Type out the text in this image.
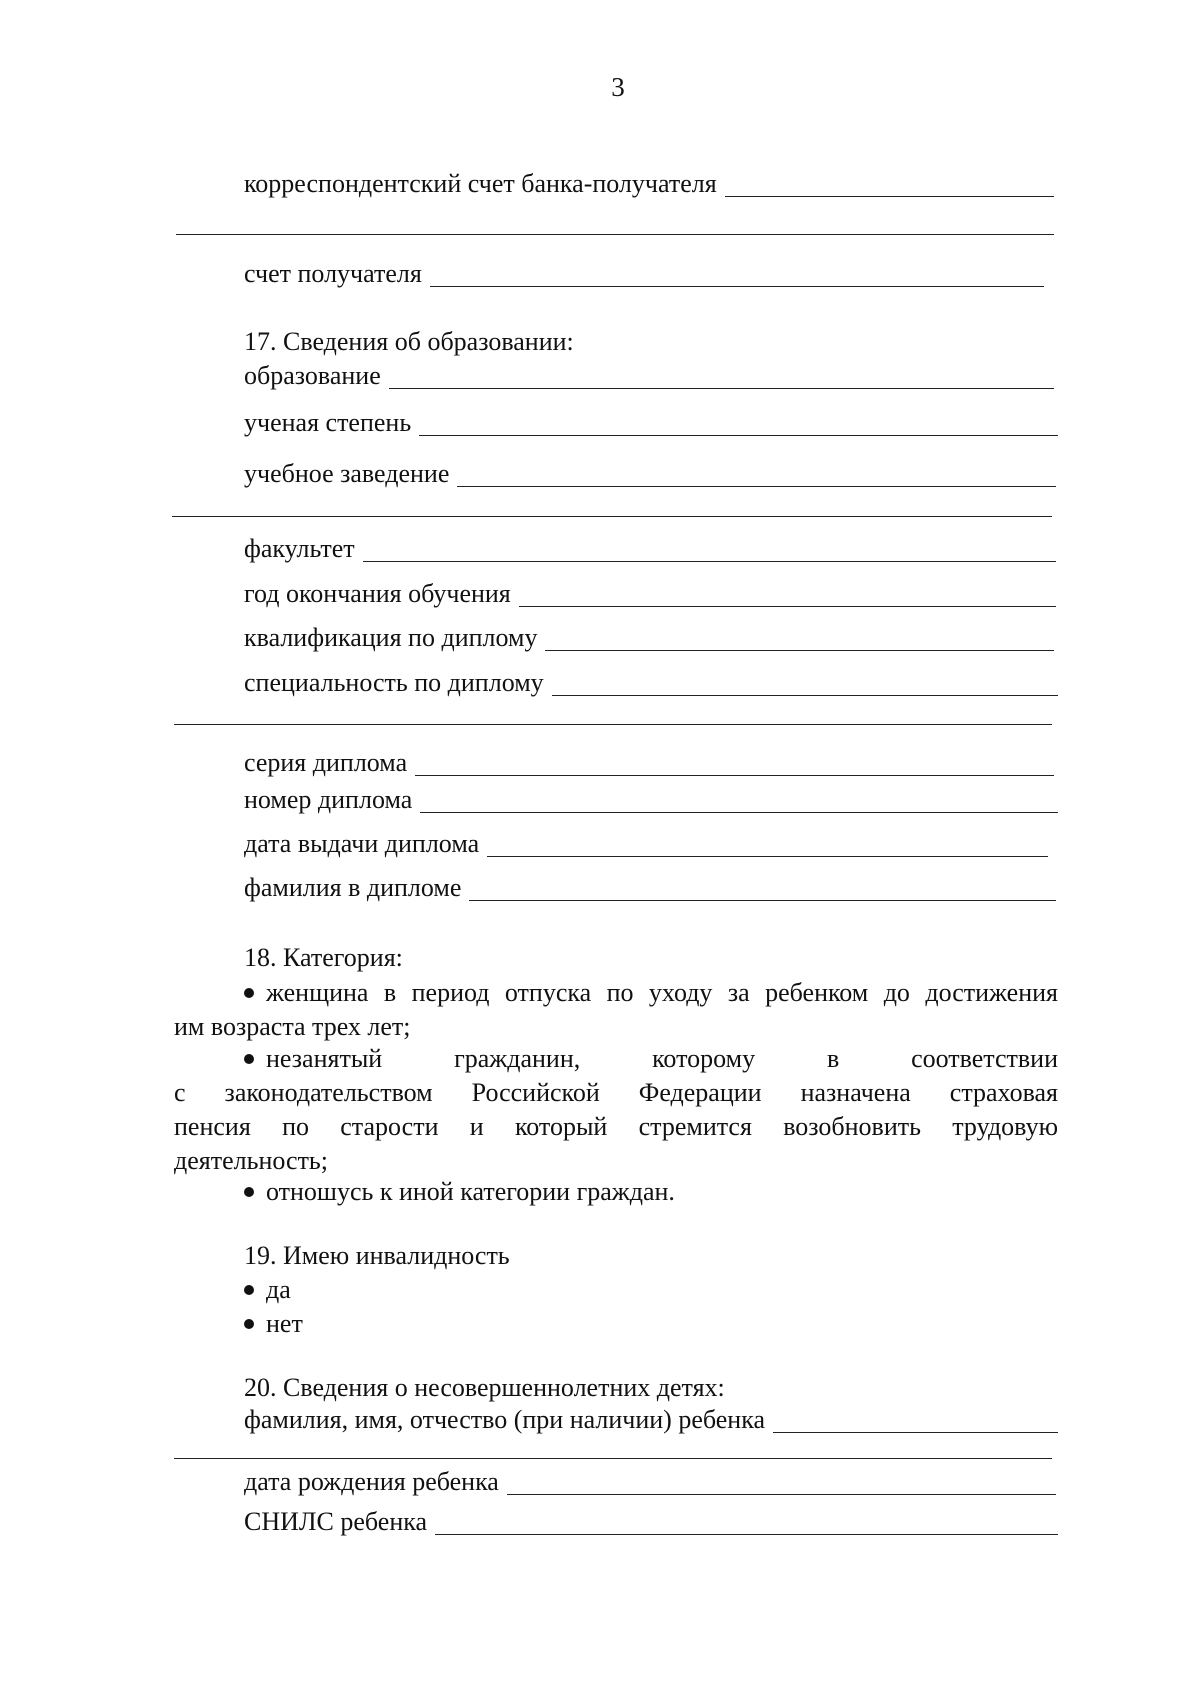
3
корреспондентский счет банка-получателя
счет получателя
17. Сведения об образовании:
образование
ученая степень
учебное заведение
факультет
год окончания обучения
квалификация по диплому
специальность по диплому
серия диплома
номер диплома
дата выдачи диплома
фамилия в дипломе
18. Категория:
женщина в период отпуска по уходу за ребенком до достижения
им возраста трех лет;
незанятый гражданин, которому в соответствии
с законодательством Российской Федерации назначена страховая
пенсия по старости и который стремится возобновить трудовую
деятельность;
отношусь к иной категории граждан.
19. Имею инвалидность
да
нет
20. Сведения о несовершеннолетних детях:
фамилия, имя, отчество (при наличии) ребенка
дата рождения ребенка
СНИЛС ребенка
